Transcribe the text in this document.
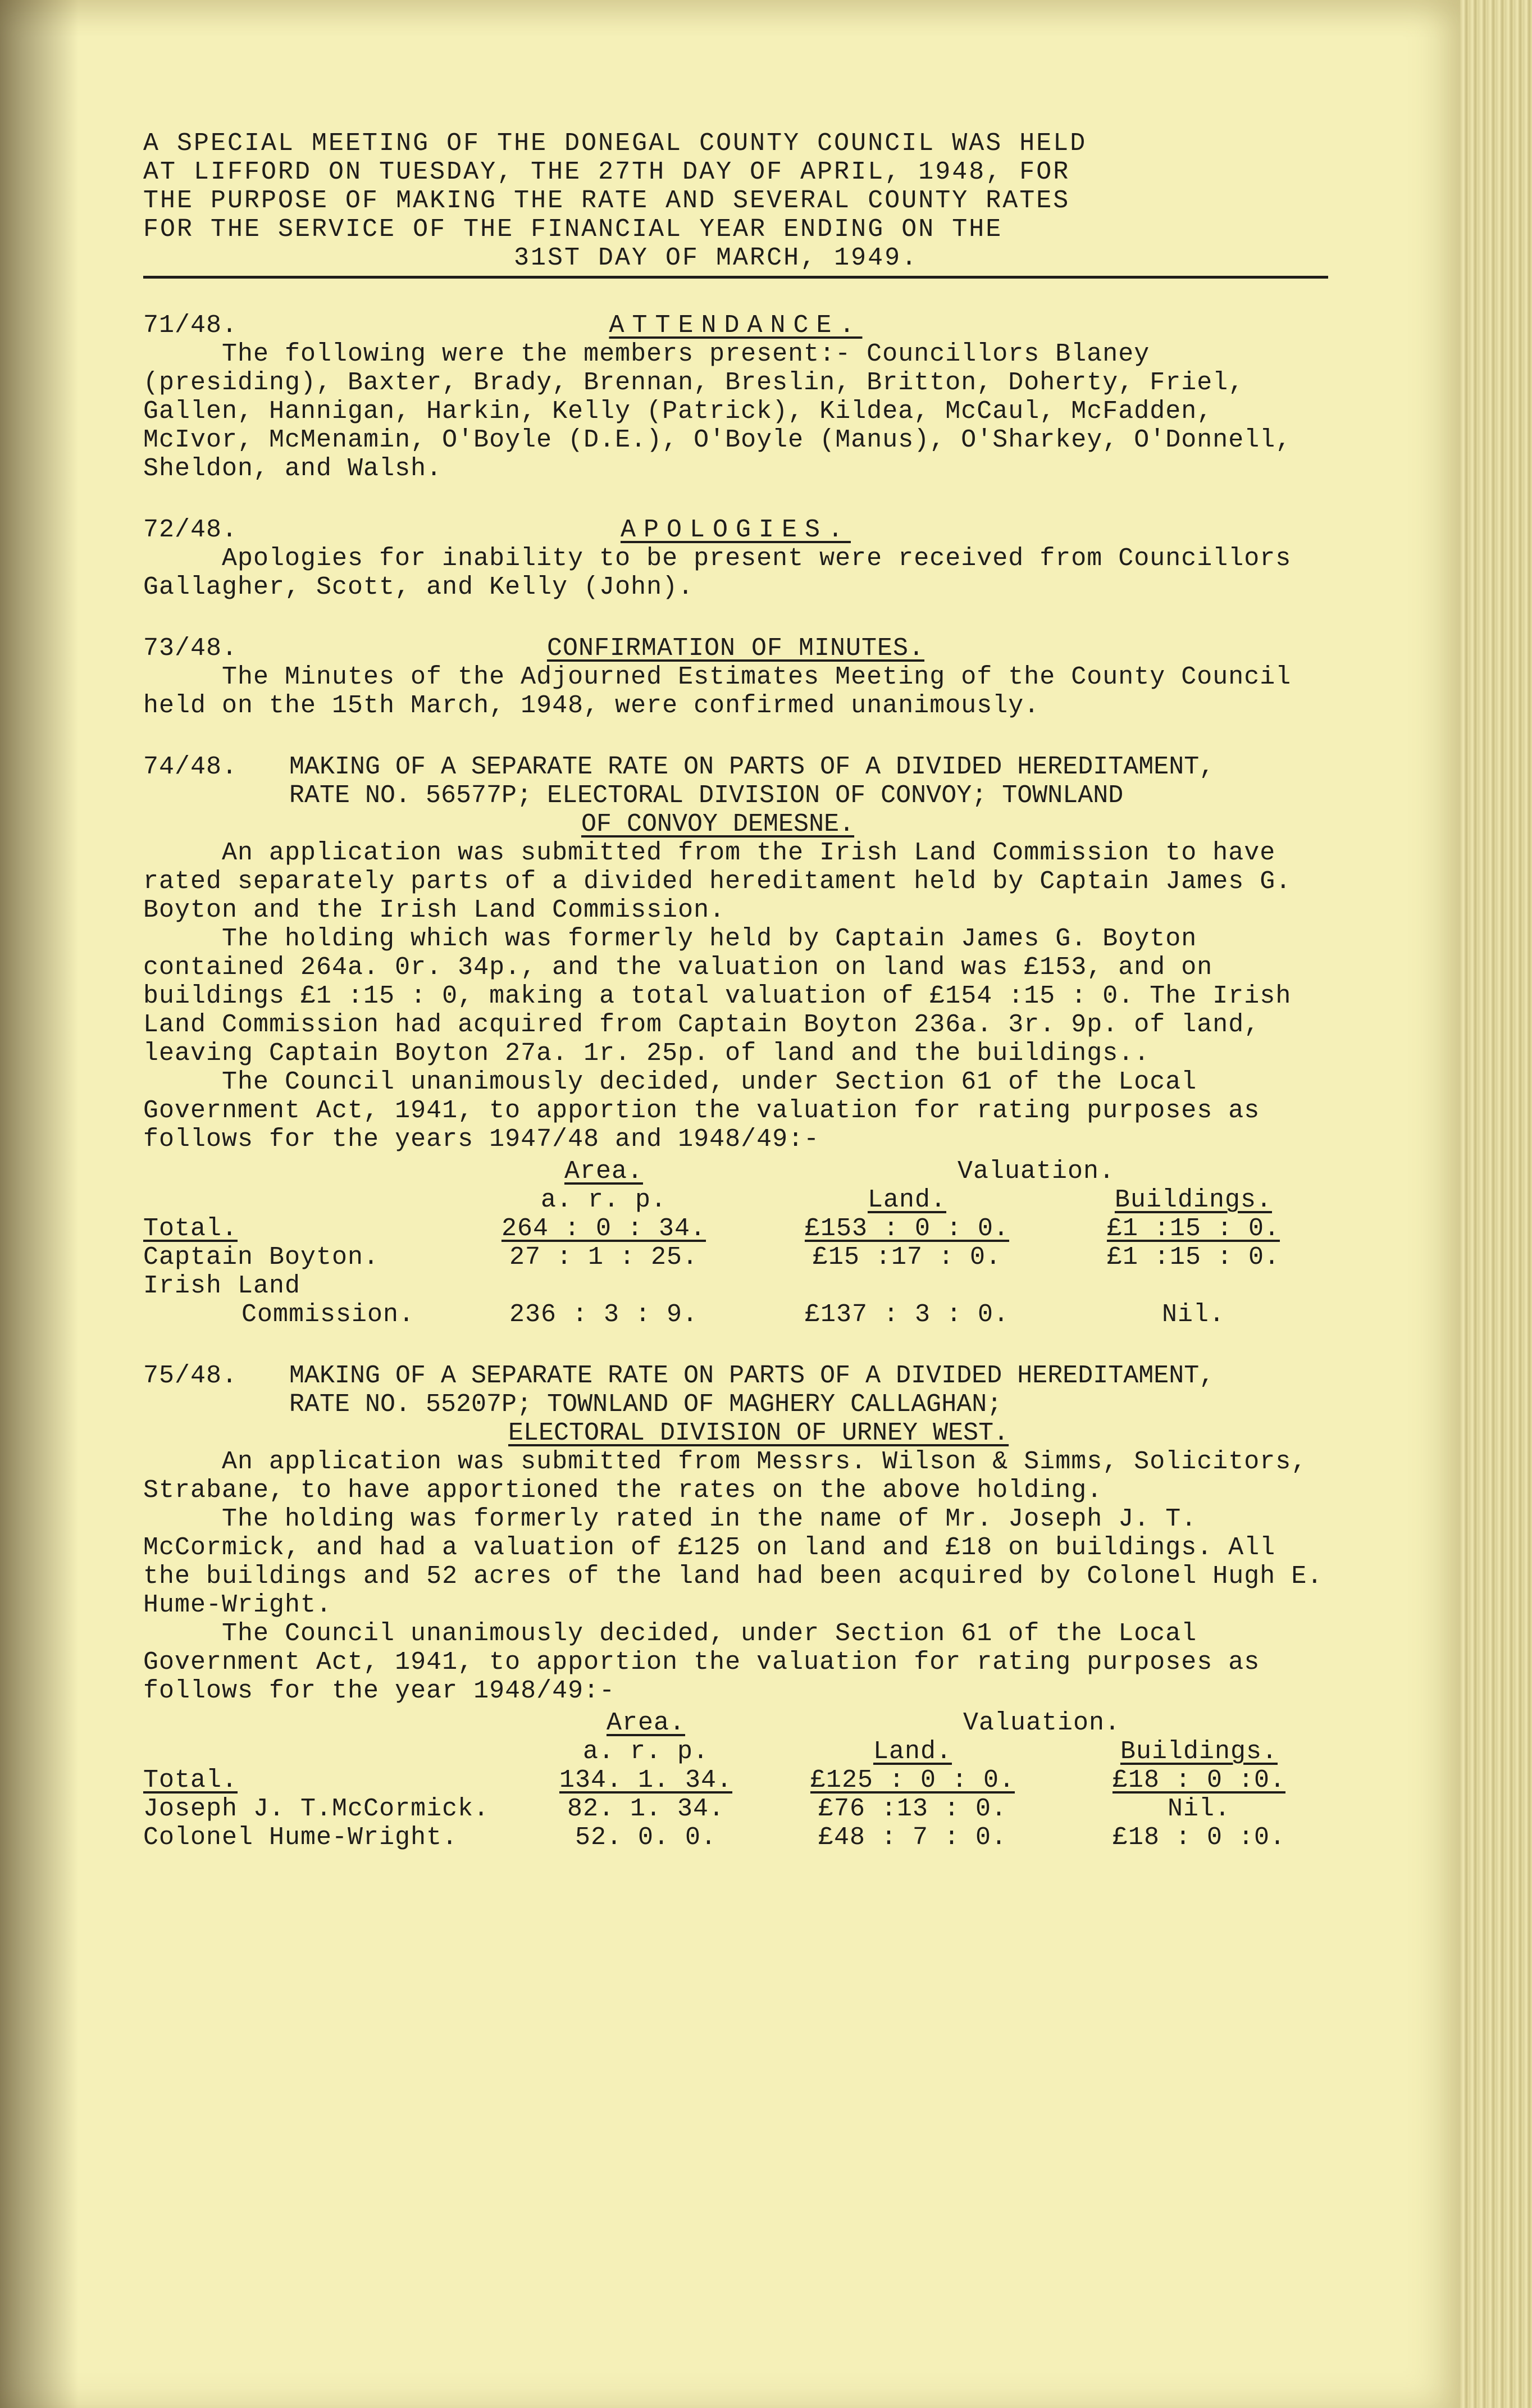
A SPECIAL MEETING OF THE DONEGAL COUNTY COUNCIL WAS HELD
AT LIFFORD ON TUESDAY, THE 27TH DAY OF APRIL, 1948, FOR
THE PURPOSE OF MAKING THE RATE AND SEVERAL COUNTY RATES
FOR THE SERVICE OF THE FINANCIAL YEAR ENDING ON THE
31ST DAY OF MARCH, 1949.
71/48.	ATTENDANCE.
The following were the members present:- Councillors Blaney (presiding), Baxter, Brady, Brennan, Breslin, Britton, Doherty, Friel, Gallen, Hannigan, Harkin, Kelly (Patrick), Kildea, McCaul, McFadden, McIvor, McMenamin, O'Boyle (D.E.), O'Boyle (Manus), O'Sharkey, O'Donnell, Sheldon, and Walsh.
72/48.	APOLOGIES.
Apologies for inability to be present were received from Councillors Gallagher, Scott, and Kelly (John).
73/48.	CONFIRMATION OF MINUTES.
The Minutes of the Adjourned Estimates Meeting of the County Council held on the 15th March, 1948, were confirmed unanimously.
74/48. MAKING OF A SEPARATE RATE ON PARTS OF A DIVIDED HEREDITAMENT,
RATE NO. 56577P; ELECTORAL DIVISION OF CONVOY; TOWNLAND
OF CONVOY DEMESNE.
An application was submitted from the Irish Land Commission to have rated separately parts of a divided hereditament held by Captain James G. Boyton and the Irish Land Commission.
The holding which was formerly held by Captain James G. Boyton contained 264a. 0r. 34p., and the valuation on land was £153, and on buildings £1 :15 : 0, making a total valuation of £154 :15 : 0. The Irish Land Commission had acquired from Captain Boyton 236a. 3r. 9p. of land, leaving Captain Boyton 27a. 1r. 25p. of land and the buildings..
The Council unanimously decided, under Section 61 of the Local Government Act, 1941, to apportion the valuation for rating purposes as follows for the years 1947/48 and 1948/49:-
	Area.	Valuation.	
	a. r. p.	Land.	Buildings.
Total.	264 : 0 : 34.	£153 : 0 : 0.	£1 :15 : 0.
Captain Boyton.	27 : 1 : 25.	£15 :17 : 0.	£1 :15 : 0.
Irish Land			
Commission.	236 : 3 : 9.	£137 : 3 : 0.	Nil.
75/48. MAKING OF A SEPARATE RATE ON PARTS OF A DIVIDED HEREDITAMENT,
RATE NO. 55207P; TOWNLAND OF MAGHERY CALLAGHAN;
ELECTORAL DIVISION OF URNEY WEST.
An application was submitted from Messrs. Wilson & Simms, Solicitors, Strabane, to have apportioned the rates on the above holding.
The holding was formerly rated in the name of Mr. Joseph J. T. McCormick, and had a valuation of £125 on land and £18 on buildings. All the buildings and 52 acres of the land had been acquired by Colonel Hugh E. Hume-Wright.
The Council unanimously decided, under Section 61 of the Local Government Act, 1941, to apportion the valuation for rating purposes as follows for the year 1948/49:-
	Area.	Valuation.	
	a. r. p.	Land.	Buildings.
Total.	134. 1. 34.	£125 : 0 : 0.	£18 : 0 :0.
Joseph J. T.McCormick.	82. 1. 34.	£76 :13 : 0.	Nil.
Colonel Hume-Wright.	52. 0. 0.	£48 : 7 : 0.	£18 : 0 :0.
